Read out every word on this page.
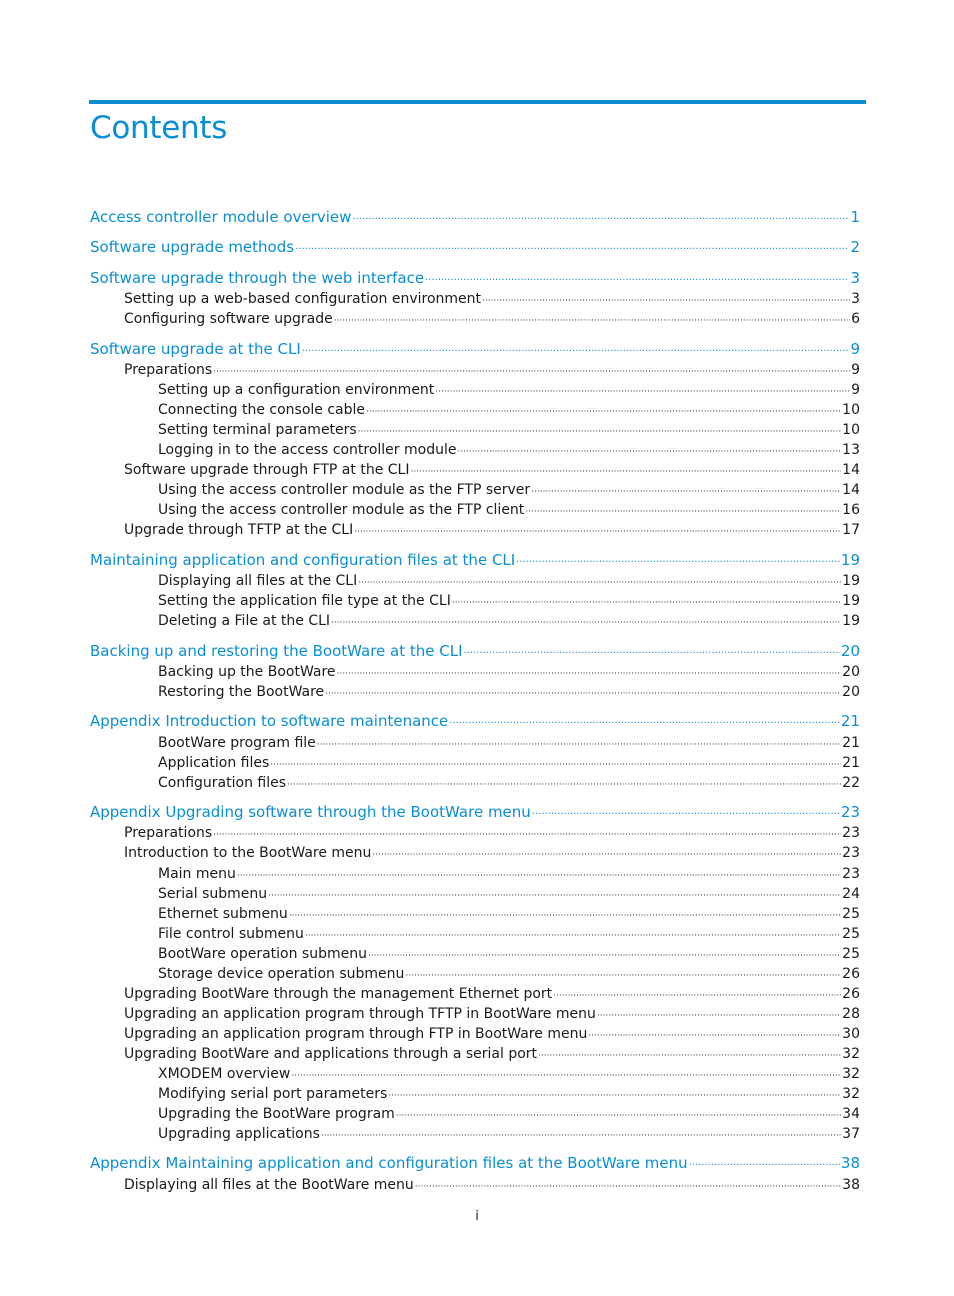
Contents
Access controller module overview ·····	1
Software upgrade methods ·····	2
Software upgrade through the web interface ·····	3
Setting up a web-based configuration environment ·····	3
Configuring software upgrade ·····	6
Software upgrade at the CLI ·····	9
Preparations ·····	9
Setting up a configuration environment ·····	9
Connecting the console cable ·····	10
Setting terminal parameters ·····	10
Logging in to the access controller module ·····	13
Software upgrade through FTP at the CLI ·····	14
Using the access controller module as the FTP server ·····	14
Using the access controller module as the FTP client ·····	16
Upgrade through TFTP at the CLI ·····	17
Maintaining application and configuration files at the CLI ·····	19
Displaying all files at the CLI ·····	19
Setting the application file type at the CLI ·····	19
Deleting a File at the CLI ·····	19
Backing up and restoring the BootWare at the CLI ·····	20
Backing up the BootWare ·····	20
Restoring the BootWare ·····	20
Appendix Introduction to software maintenance ·····	21
BootWare program file ·····	21
Application files ·····	21
Configuration files ·····	22
Appendix Upgrading software through the BootWare menu ·····	23
Preparations ·····	23
Introduction to the BootWare menu ·····	23
Main menu ·····	23
Serial submenu ·····	24
Ethernet submenu ·····	25
File control submenu ·····	25
BootWare operation submenu ·····	25
Storage device operation submenu ·····	26
Upgrading BootWare through the management Ethernet port ·····	26
Upgrading an application program through TFTP in BootWare menu ·····	28
Upgrading an application program through FTP in BootWare menu ·····	30
Upgrading BootWare and applications through a serial port ·····	32
XMODEM overview ·····	32
Modifying serial port parameters ·····	32
Upgrading the BootWare program ·····	34
Upgrading applications ·····	37
Appendix Maintaining application and configuration files at the BootWare menu ·····	38
Displaying all files at the BootWare menu ·····	38
i
